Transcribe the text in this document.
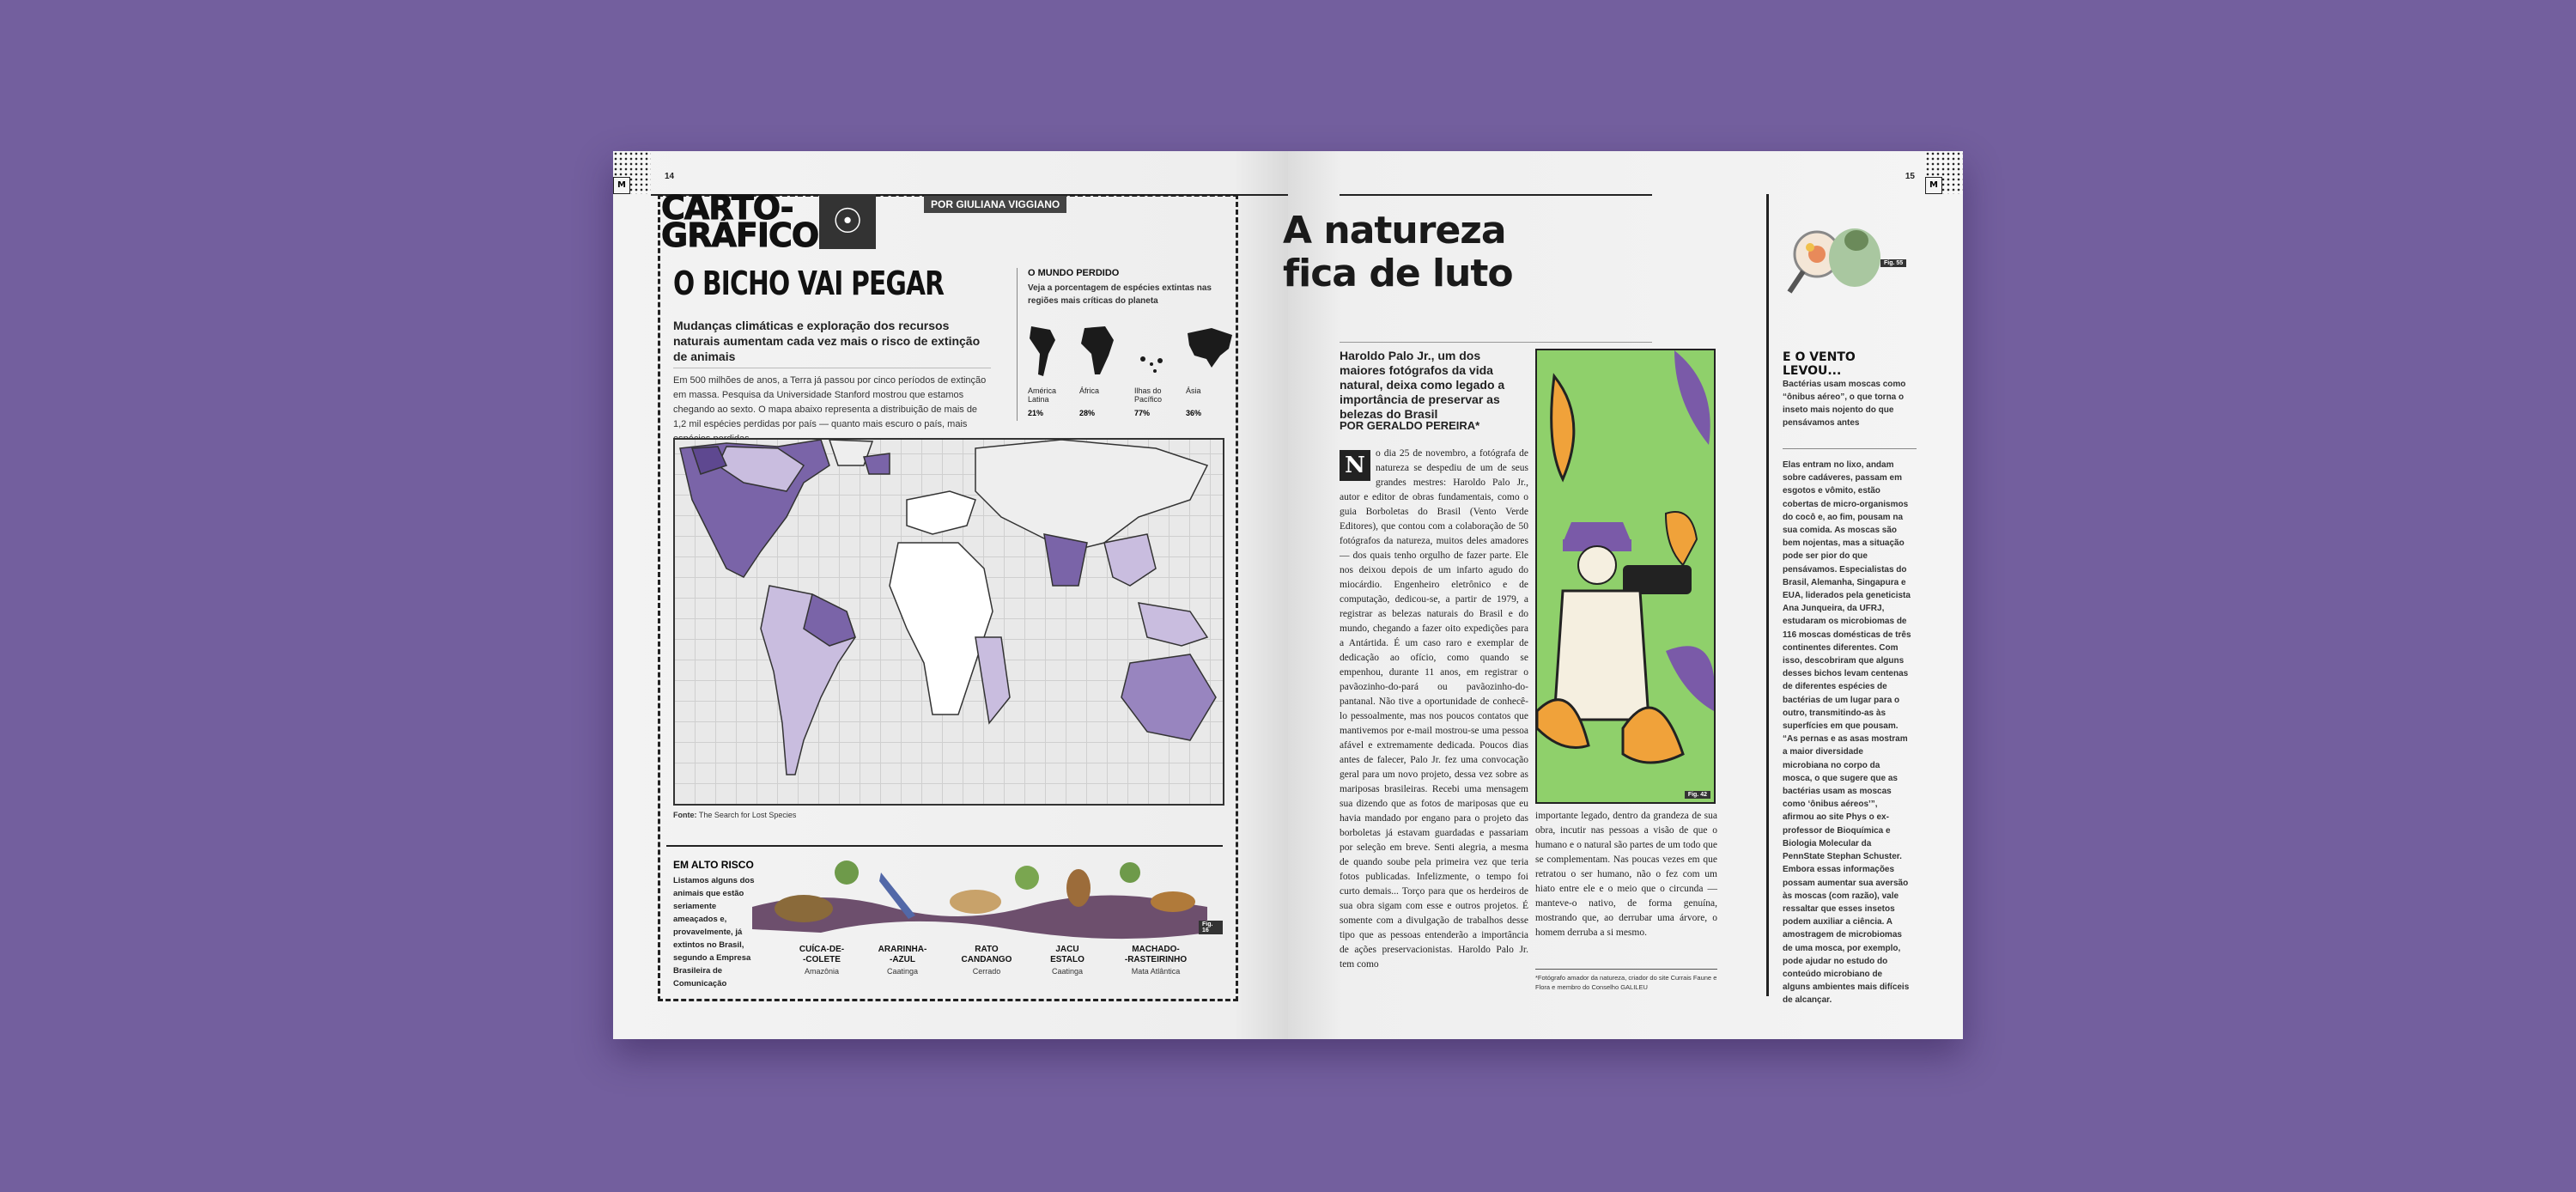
M
14
CARTO-
GRÁFICO ☉	POR GIULIANA VIGGIANO
O BICHO VAI PEGAR
Mudanças climáticas e exploração dos recursos naturais aumentam cada vez mais o risco de extinção de animais
Em 500 milhões de anos, a Terra já passou por cinco períodos de extinção em massa. Pesquisa da Universidade Stanford mostrou que estamos chegando ao sexto. O mapa abaixo representa a distribuição de mais de 1,2 mil espécies perdidas por país — quanto mais escuro o país, mais
O MUNDO PERDIDO
Veja a porcentagem de espécies extintas nas regiões mais críticas do planeta
América Latina
21%
África
28%
Ilhas do Pacífico
77%
Ásia
36%
Fonte: The Search for Lost Species
EM ALTO RISCO
Listamos alguns dos animais que estão seriamente ameaçados e, provavelmente, já extintos no Brasil, segundo a Empresa Brasileira de Comunicação
Fig. 16
CUÍCA-DE-
-COLETE
Amazônia
ARARINHA-
-AZUL
Caatinga
RATO
CANDANGO
Cerrado
JACU
ESTALO
Caatinga
MACHADO-
-RASTEIRINHO
Mata Atlântica
M
15
A natureza
fica de luto
Haroldo Palo Jr., um dos maiores fotógrafos da vida natural, deixa como legado a importância de preservar as belezas do Brasil
POR GERALDO PEREIRA*
N	o dia 25 de novembro, a fotógrafa de natureza se despediu de um de seus grandes mestres: Haroldo Palo Jr., autor e editor de obras fundamentais, como o guia Borboletas do Brasil (Vento Verde Editores), que contou com a colaboração de 50 fotógrafos da natureza, muitos deles amadores — dos quais tenho orgulho de fazer parte. Ele nos deixou depois de um infarto agudo do miocárdio. Engenheiro eletrônico e de computação, dedicou-se, a partir de 1979, a registrar as belezas naturais do Brasil e do mundo, chegando a fazer oito expedições para a Antártida. É um caso raro e exemplar de dedicação ao ofício, como quando se empenhou, durante 11 anos, em registrar o pavãozinho-do-pará ou pavãozinho-do-pantanal. Não tive a oportunidade de conhecê-lo pessoalmente, mas nos poucos contatos que mantivemos por e-mail mostrou-se uma pessoa afável e extremamente dedicada. Poucos dias antes de falecer, Palo Jr. fez uma convocação geral para um novo projeto, dessa vez sobre as mariposas brasileiras. Recebi uma mensagem sua dizendo que as fotos de mariposas que eu havia mandado por engano para o projeto das borboletas já estavam guardadas e passariam por seleção em breve. Senti alegria, a mesma de quando soube pela primeira vez que teria fotos publicadas. Infelizmente, o tempo foi curto demais... Torço para que os herdeiros de sua obra sigam com esse e outros projetos. É somente com a divulgação de trabalhos desse tipo que as pessoas entenderão a importância de ações preservacionistas. Haroldo Palo Jr. tem como
Fig. 42
importante legado, dentro da grandeza de sua obra, incutir nas pessoas a visão de que o humano e o natural são partes de um todo que se complementam. Nas poucas vezes em que retratou o ser humano, não o fez com um hiato entre ele e o meio que o circunda — manteve-o nativo, de forma genuína, mostrando que, ao derrubar uma árvore, o homem derruba a si mesmo.
*Fotógrafo amador da natureza, criador do site Currais Faune e Flora e membro do Conselho GALILEU
Fig. 55
E O VENTO LEVOU...
Bactérias usam moscas como “ônibus aéreo”, o que torna o inseto mais nojento do que pensávamos antes
Elas entram no lixo, andam sobre cadáveres, passam em esgotos e vômito, estão cobertas de micro-organismos do cocô e, ao fim, pousam na sua comida. As moscas são bem nojentas, mas a situação pode ser pior do que pensávamos. Especialistas do Brasil, Alemanha, Singapura e EUA, liderados pela geneticista Ana Junqueira, da UFRJ, estudaram os microbiomas de 116 moscas domésticas de três continentes diferentes. Com isso, descobriram que alguns desses bichos levam centenas de diferentes espécies de bactérias de um lugar para o outro, transmitindo-as às superfícies em que pousam. “As pernas e as asas mostram a maior diversidade microbiana no corpo da mosca, o que sugere que as bactérias usam as moscas como ‘ônibus aéreos’”, afirmou ao site Phys o ex-professor de Bioquímica e Biologia Molecular da PennState Stephan Schuster. Embora essas informações possam aumentar sua aversão às moscas (com razão), vale ressaltar que esses insetos podem auxiliar a ciência. A amostragem de microbiomas de uma mosca, por exemplo, pode ajudar no estudo do conteúdo microbiano de alguns ambientes mais difíceis de alcançar.
